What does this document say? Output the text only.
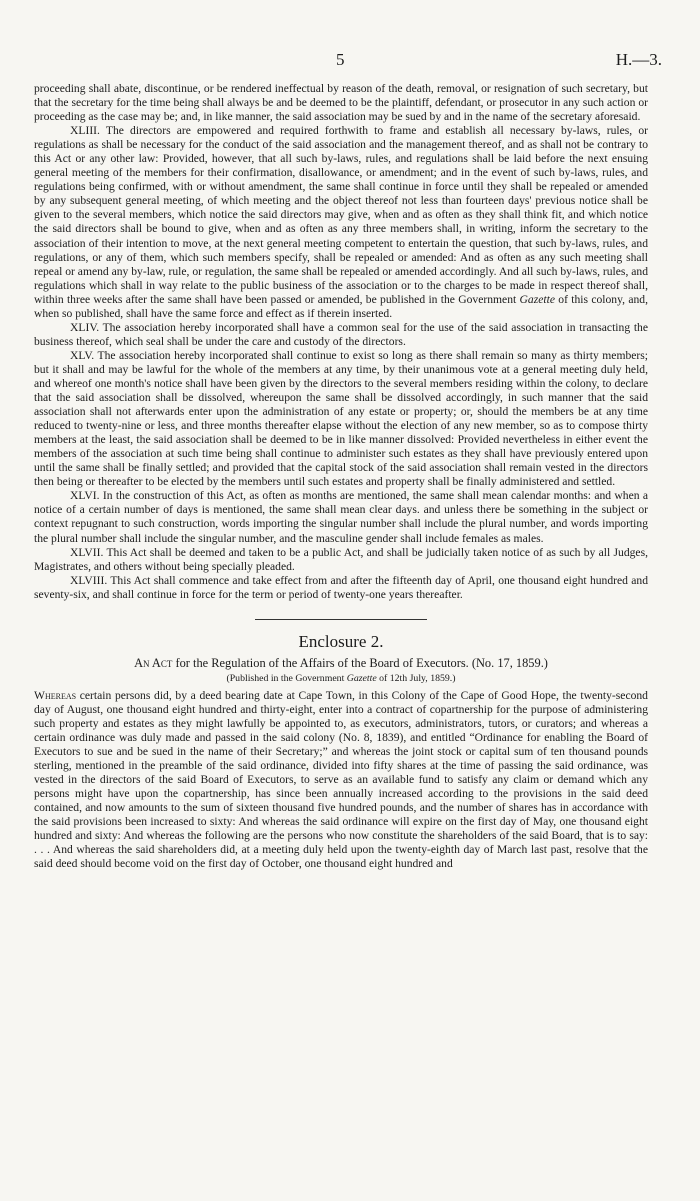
5	H.—3.

proceeding shall abate, discontinue, or be rendered ineffectual by reason of the death, removal, or resignation of such secretary, but that the secretary for the time being shall always be and be deemed to be the plaintiff, defendant, or prosecutor in any such action or proceeding as the case may be; and, in like manner, the said association may be sued by and in the name of the secretary aforesaid.

XLIII. The directors are empowered and required forthwith to frame and establish all necessary by-laws, rules, or regulations as shall be necessary for the conduct of the said association and the management thereof, and as shall not be contrary to this Act or any other law: Provided, however, that all such by-laws, rules, and regulations shall be laid before the next ensuing general meeting of the members for their confirmation, disallowance, or amendment; and in the event of such by-laws, rules, and regulations being confirmed, with or without amendment, the same shall continue in force until they shall be repealed or amended by any subsequent general meeting, of which meeting and the object thereof not less than fourteen days' previous notice shall be given to the several members, which notice the said directors may give, when and as often as they shall think fit, and which notice the said directors shall be bound to give, when and as often as any three members shall, in writing, inform the secretary to the association of their intention to move, at the next general meeting competent to entertain the question, that such by-laws, rules, and regulations, or any of them, which such members specify, shall be repealed or amended: And as often as any such meeting shall repeal or amend any by-law, rule, or regulation, the same shall be repealed or amended accordingly. And all such by-laws, rules, and regulations which shall in way relate to the public business of the association or to the charges to be made in respect thereof shall, within three weeks after the same shall have been passed or amended, be published in the Government Gazette of this colony, and, when so published, shall have the same force and effect as if therein inserted.

XLIV. The association hereby incorporated shall have a common seal for the use of the said association in transacting the business thereof, which seal shall be under the care and custody of the directors.

XLV. The association hereby incorporated shall continue to exist so long as there shall remain so many as thirty members; but it shall and may be lawful for the whole of the members at any time, by their unanimous vote at a general meeting duly held, and whereof one month's notice shall have been given by the directors to the several members residing within the colony, to declare that the said association shall be dissolved, whereupon the same shall be dissolved accordingly, in such manner that the said association shall not afterwards enter upon the administration of any estate or property; or, should the members be at any time reduced to twenty-nine or less, and three months thereafter elapse without the election of any new member, so as to compose thirty members at the least, the said association shall be deemed to be in like manner dissolved: Provided nevertheless in either event the members of the association at such time being shall continue to administer such estates as they shall have previously entered upon until the same shall be finally settled; and provided that the capital stock of the said association shall remain vested in the directors then being or thereafter to be elected by the members until such estates and property shall be finally administered and settled.

XLVI. In the construction of this Act, as often as months are mentioned, the same shall mean calendar months: and when a notice of a certain number of days is mentioned, the same shall mean clear days. and unless there be something in the subject or context repugnant to such construction, words importing the singular number shall include the plural number, and words importing the plural number shall include the singular number, and the masculine gender shall include females as males.

XLVII. This Act shall be deemed and taken to be a public Act, and shall be judicially taken notice of as such by all Judges, Magistrates, and others without being specially pleaded.

XLVIII. This Act shall commence and take effect from and after the fifteenth day of April, one thousand eight hundred and seventy-six, and shall continue in force for the term or period of twenty-one years thereafter.

Enclosure 2.

An Act for the Regulation of the Affairs of the Board of Executors. (No. 17, 1859.)

(Published in the Government Gazette of 12th July, 1859.)

Whereas certain persons did, by a deed bearing date at Cape Town, in this Colony of the Cape of Good Hope, the twenty-second day of August, one thousand eight hundred and thirty-eight, enter into a contract of copartnership for the purpose of administering such property and estates as they might lawfully be appointed to, as executors, administrators, tutors, or curators; and whereas a certain ordinance was duly made and passed in the said colony (No. 8, 1839), and entitled “Ordinance for enabling the Board of Executors to sue and be sued in the name of their Secretary;” and whereas the joint stock or capital sum of ten thousand pounds sterling, mentioned in the preamble of the said ordinance, divided into fifty shares at the time of passing the said ordinance, was vested in the directors of the said Board of Executors, to serve as an available fund to satisfy any claim or demand which any persons might have upon the copartnership, has since been annually increased according to the provisions in the said deed contained, and now amounts to the sum of sixteen thousand five hundred pounds, and the number of shares has in accordance with the said provisions been increased to sixty: And whereas the said ordinance will expire on the first day of May, one thousand eight hundred and sixty: And whereas the following are the persons who now constitute the shareholders of the said Board, that is to say: . . . And whereas the said shareholders did, at a meeting duly held upon the twenty-eighth day of March last past, resolve that the said deed should become void on the first day of October, one thousand eight hundred and
